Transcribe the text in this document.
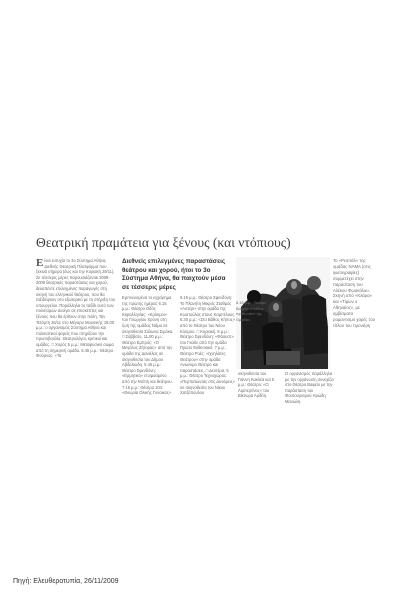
Θεατρική πραμάτεια για ξένους (και ντόπιους)
Είναι ευτυχία το 3ο Σύστημα Αθήνα, Διεθνής Θεατρική Πλατφόρμα που ξεκινά σήμερα (έως και την Κυριακή 29/11). Σε τέσσερις μέρες παρουσιάζονται 2008-2009 θεατρικές παραστάσεις και χορού, δεκαπέντε επιλεγμένες παραγωγές στη σκηνή του ελληνικού θεάτρου, που θα ταξιδέψουν στο εξωτερικό με τη στήριξη του υπουργείου. Παράλληλα το ταξίδι αυτό των πολιτισμών ανοίγει σε επισκέπτες και ξένους που θα έρθουν στην πόλη. Την Τετάρτη 26/11 στο Μέγαρο Μουσικής 18.00 μ.μ.: ο οργανισμός Σύστημα Αθήνα και πολιτιστικοί φορείς που στηρίζουν την πρωτοβουλία. Θεατρολόγοι, κριτικοί και ομάδες. □ Χορός 5 μ.μ.: Μεταφυσικό σώμα από τη σημερινή ομάδα. 6.45 μ.μ.: Θέατρο Φούρνος: «Τα
Διεθνείς επιλεγμένες παραστάσεις θεάτρου και χορού, ήτοι το 3ο Σύστημα Αθήνα, θα παιχτούν μέσα σε τέσσερις μέρες
Εμπνευσμένα το εγχείρημα της πρώτης ημέρας 6.15 μ.μ.: Θέατρο Οδός Κεφαλληνίας: «Κρίσιμοι» του Γεωργίου Χρόνη στη ζωή της ομάδας Νάμα σε σκηνοθεσία Σόλωνα Σιμόκα. □ Σάββατο, 11.00 μ.μ.: Θέατρο Εμπρός: «Ο Μεγάλος Ζήτορας» από την ομάδα της Δανιέλας σε σκηνοθεσία του Δήμου Αβδελιώδη. 5.45 μ.μ.: Θέατρο Σφενδόνη: «Ερμητικό» ετοιμασμένο από την Ντέπη και θεάτρου. 7.15 μ.μ.: Θέατρο 104: «Θεωρία Ολικής Γυναικός»
9.15 μ.μ.: Θέατρο Σφενδόνη: Το Πλανήτη Μικρός Σταθμός «Αστέρι» στην ομάδα της Κωστούλας στους Καμπέλους. 6.30 μ.μ.: «Στο Βάθος Κήπος» από το Θέατρο του Νέου Κόσμου. □ Κυριακή, 6 μ.μ.: Θέατρο Σφενδόνη: «Φάουστ» του Γκαίτε από την ομάδα Πρώτο Εκθεσιακό. 7 μ.μ.: Θέατρο Ροές: «Ιχνηλάτες Θεάτρου» στην ομάδα Ανώνυμο Θέατρο και παραστάσεις. □ Δευτέρα, 5 μ.μ.: Θέατρο Τεχνοχώρος: «Περπατώντας στις Δυνάμεις» σε σκηνοθεσία του Νίκου Χατζόπουλου
6.15 μ.μ.: Θέατρο Βαφείο: «Λάθος πρόσωπο» της Ομάδας.
Το «Ρεσιτάλ» της ομάδας NAMA (στις φωτογραφίες) συμμετέχει στην παράσταση του Αλέκου Φωσκόλου. Σκηνή από «Κλάρα» και «Τίμων ο Αθηναίος», με αμβίσματα ρομαντισμό χαρές του τίτλου του τιμονιέρη
σκηνοθεσία του Γιάννη Κακλέα και 5 μ.μ.: Θέατρο: «Ο Λιμπερτίνος» του Βίκτωρα Αρδίτη.
Ο οργανισμός παράλληλα με την οργάνωση συνεχίζει στο Θέατρο Βαφείο με την παράσταση του Φουτουρισμού Ηρώδη Μανώλη.
Πηγή: Ελευθεροτυπία, 26/11/2009
